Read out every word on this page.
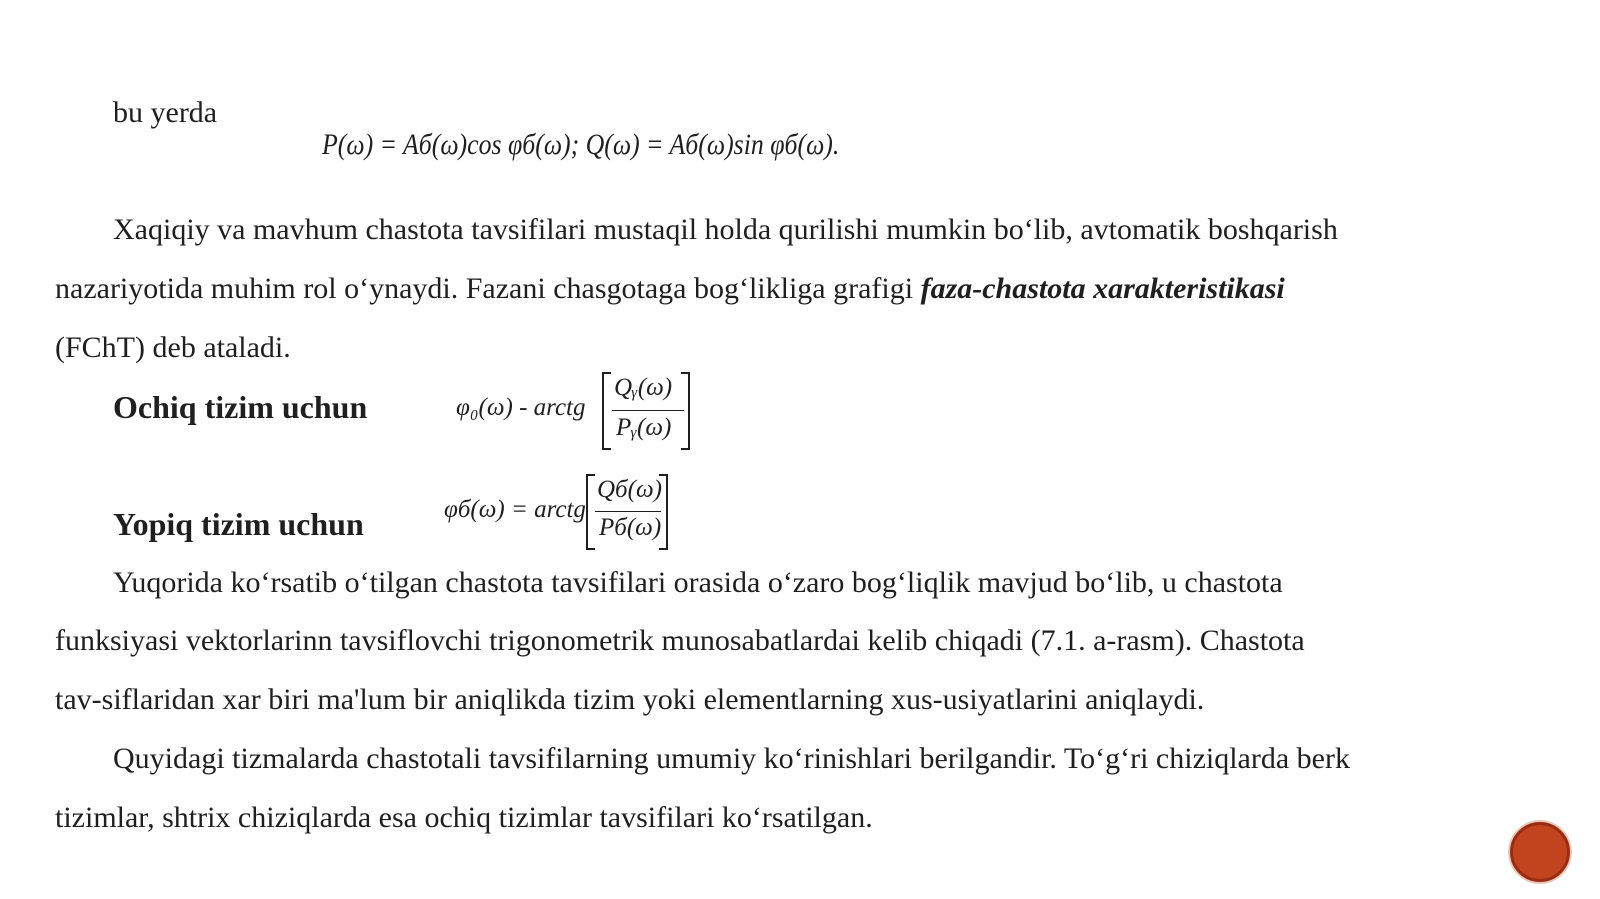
bu yerda
P(ω) = Aб(ω)cos φб(ω); Q(ω) = Aб(ω)sin φб(ω).
Xaqiqiy va mavhum chastota tavsifilari mustaqil holda qurilishi mumkin bo‘lib, avtomatik boshqarish
nazariyotida muhim rol o‘ynaydi. Fazani chasgotaga bog‘likliga grafigi faza-chastota xarakteristikasi
(FChT) deb ataladi.
Ochiq tizim uchun	φ₀(ω) - arctg
Qᵧ(ω)
Pᵧ(ω)
Yopiq tizim uchun	φб(ω) = arctg
Qб(ω)
Pб(ω)
Yuqorida ko‘rsatib o‘tilgan chastota tavsifilari orasida o‘zaro bog‘liqlik mavjud bo‘lib, u chastota
funksiyasi vektorlarinn tavsiflovchi trigonometrik munosabatlardai kelib chiqadi (7.1. a-rasm). Chastota
tav-siflaridan xar biri ma'lum bir aniqlikda tizim yoki elementlarning xus-usiyatlarini aniqlaydi.
Quyidagi tizmalarda chastotali tavsifilarning umumiy ko‘rinishlari berilgandir. To‘g‘ri chiziqlarda berk
tizimlar, shtrix chiziqlarda esa ochiq tizimlar tavsifilari ko‘rsatilgan.
